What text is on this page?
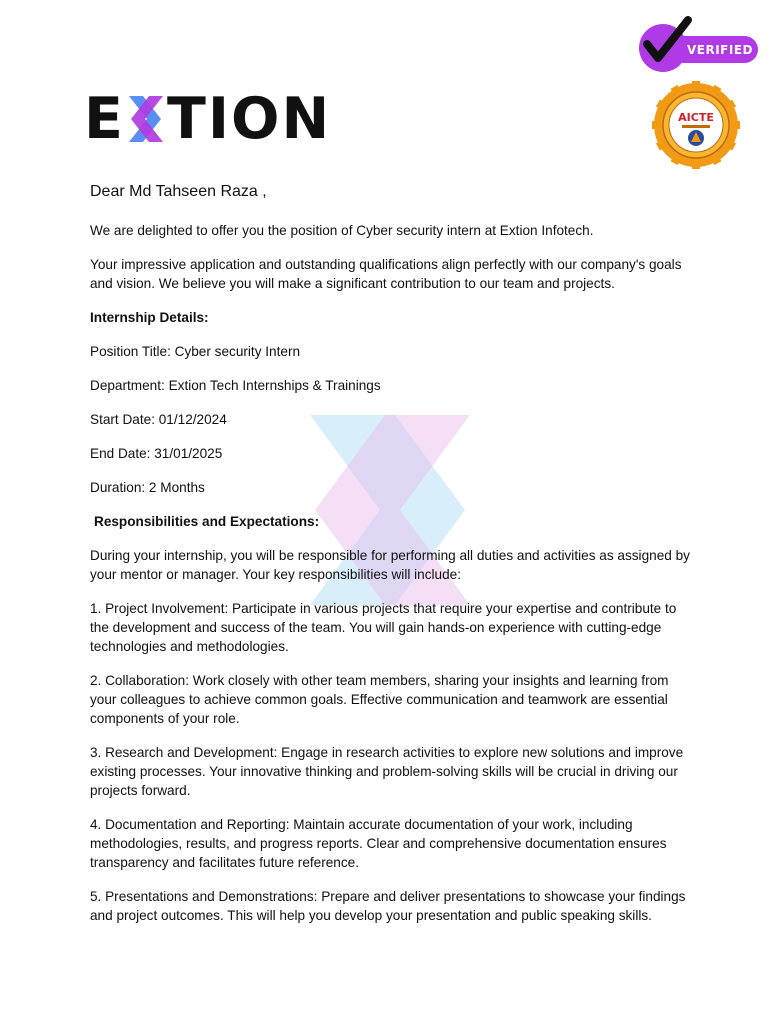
E TION
VERIFIED
AICTE

Dear Md Tahseen Raza ,

We are delighted to offer you the position of Cyber security intern at Extion Infotech.

Your impressive application and outstanding qualifications align perfectly with our company's goals and vision. We believe you will make a significant contribution to our team and projects.

Internship Details:

Position Title: Cyber security Intern

Department: Extion Tech Internships & Trainings

Start Date: 01/12/2024

End Date: 31/01/2025

Duration: 2 Months

Responsibilities and Expectations:

During your internship, you will be responsible for performing all duties and activities as assigned by your mentor or manager. Your key responsibilities will include:

1. Project Involvement: Participate in various projects that require your expertise and contribute to the development and success of the team. You will gain hands-on experience with cutting-edge technologies and methodologies.

2. Collaboration: Work closely with other team members, sharing your insights and learning from your colleagues to achieve common goals. Effective communication and teamwork are essential components of your role.

3. Research and Development: Engage in research activities to explore new solutions and improve existing processes. Your innovative thinking and problem-solving skills will be crucial in driving our projects forward.

4. Documentation and Reporting: Maintain accurate documentation of your work, including methodologies, results, and progress reports. Clear and comprehensive documentation ensures transparency and facilitates future reference.

5. Presentations and Demonstrations: Prepare and deliver presentations to showcase your findings and project outcomes. This will help you develop your presentation and public speaking skills.
